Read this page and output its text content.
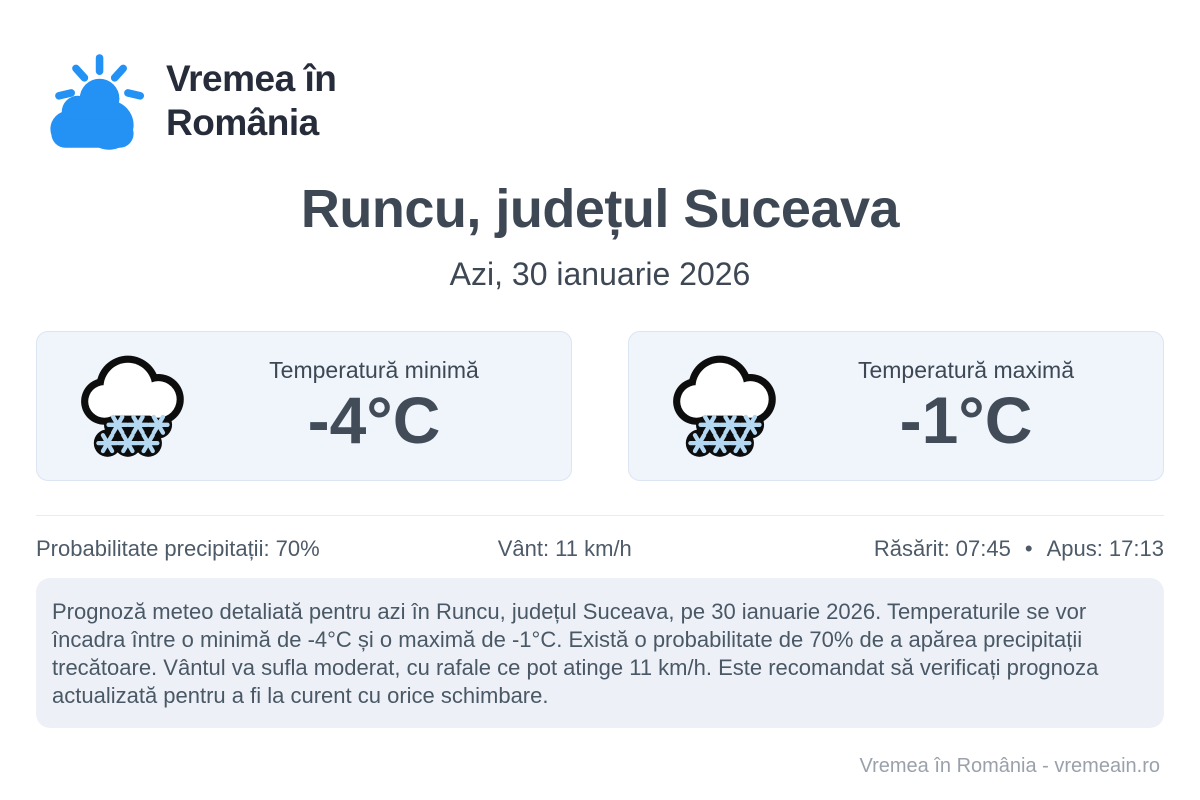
Vremea în
România
Runcu, județul Suceava
Azi, 30 ianuarie 2026
Temperatură minimă
-4°C
Temperatură maximă
-1°C
Probabilitate precipitații: 70%	Vânt: 11 km/h	Răsărit: 07:45 • Apus: 17:13
Prognoză meteo detaliată pentru azi în Runcu, județul Suceava, pe 30 ianuarie 2026. Temperaturile se vor încadra între o minimă de -4°C și o maximă de -1°C. Există o probabilitate de 70% de a apărea precipitații trecătoare. Vântul va sufla moderat, cu rafale ce pot atinge 11 km/h. Este recomandat să verificați prognoza actualizată pentru a fi la curent cu orice schimbare.
Vremea în România - vremeain.ro
